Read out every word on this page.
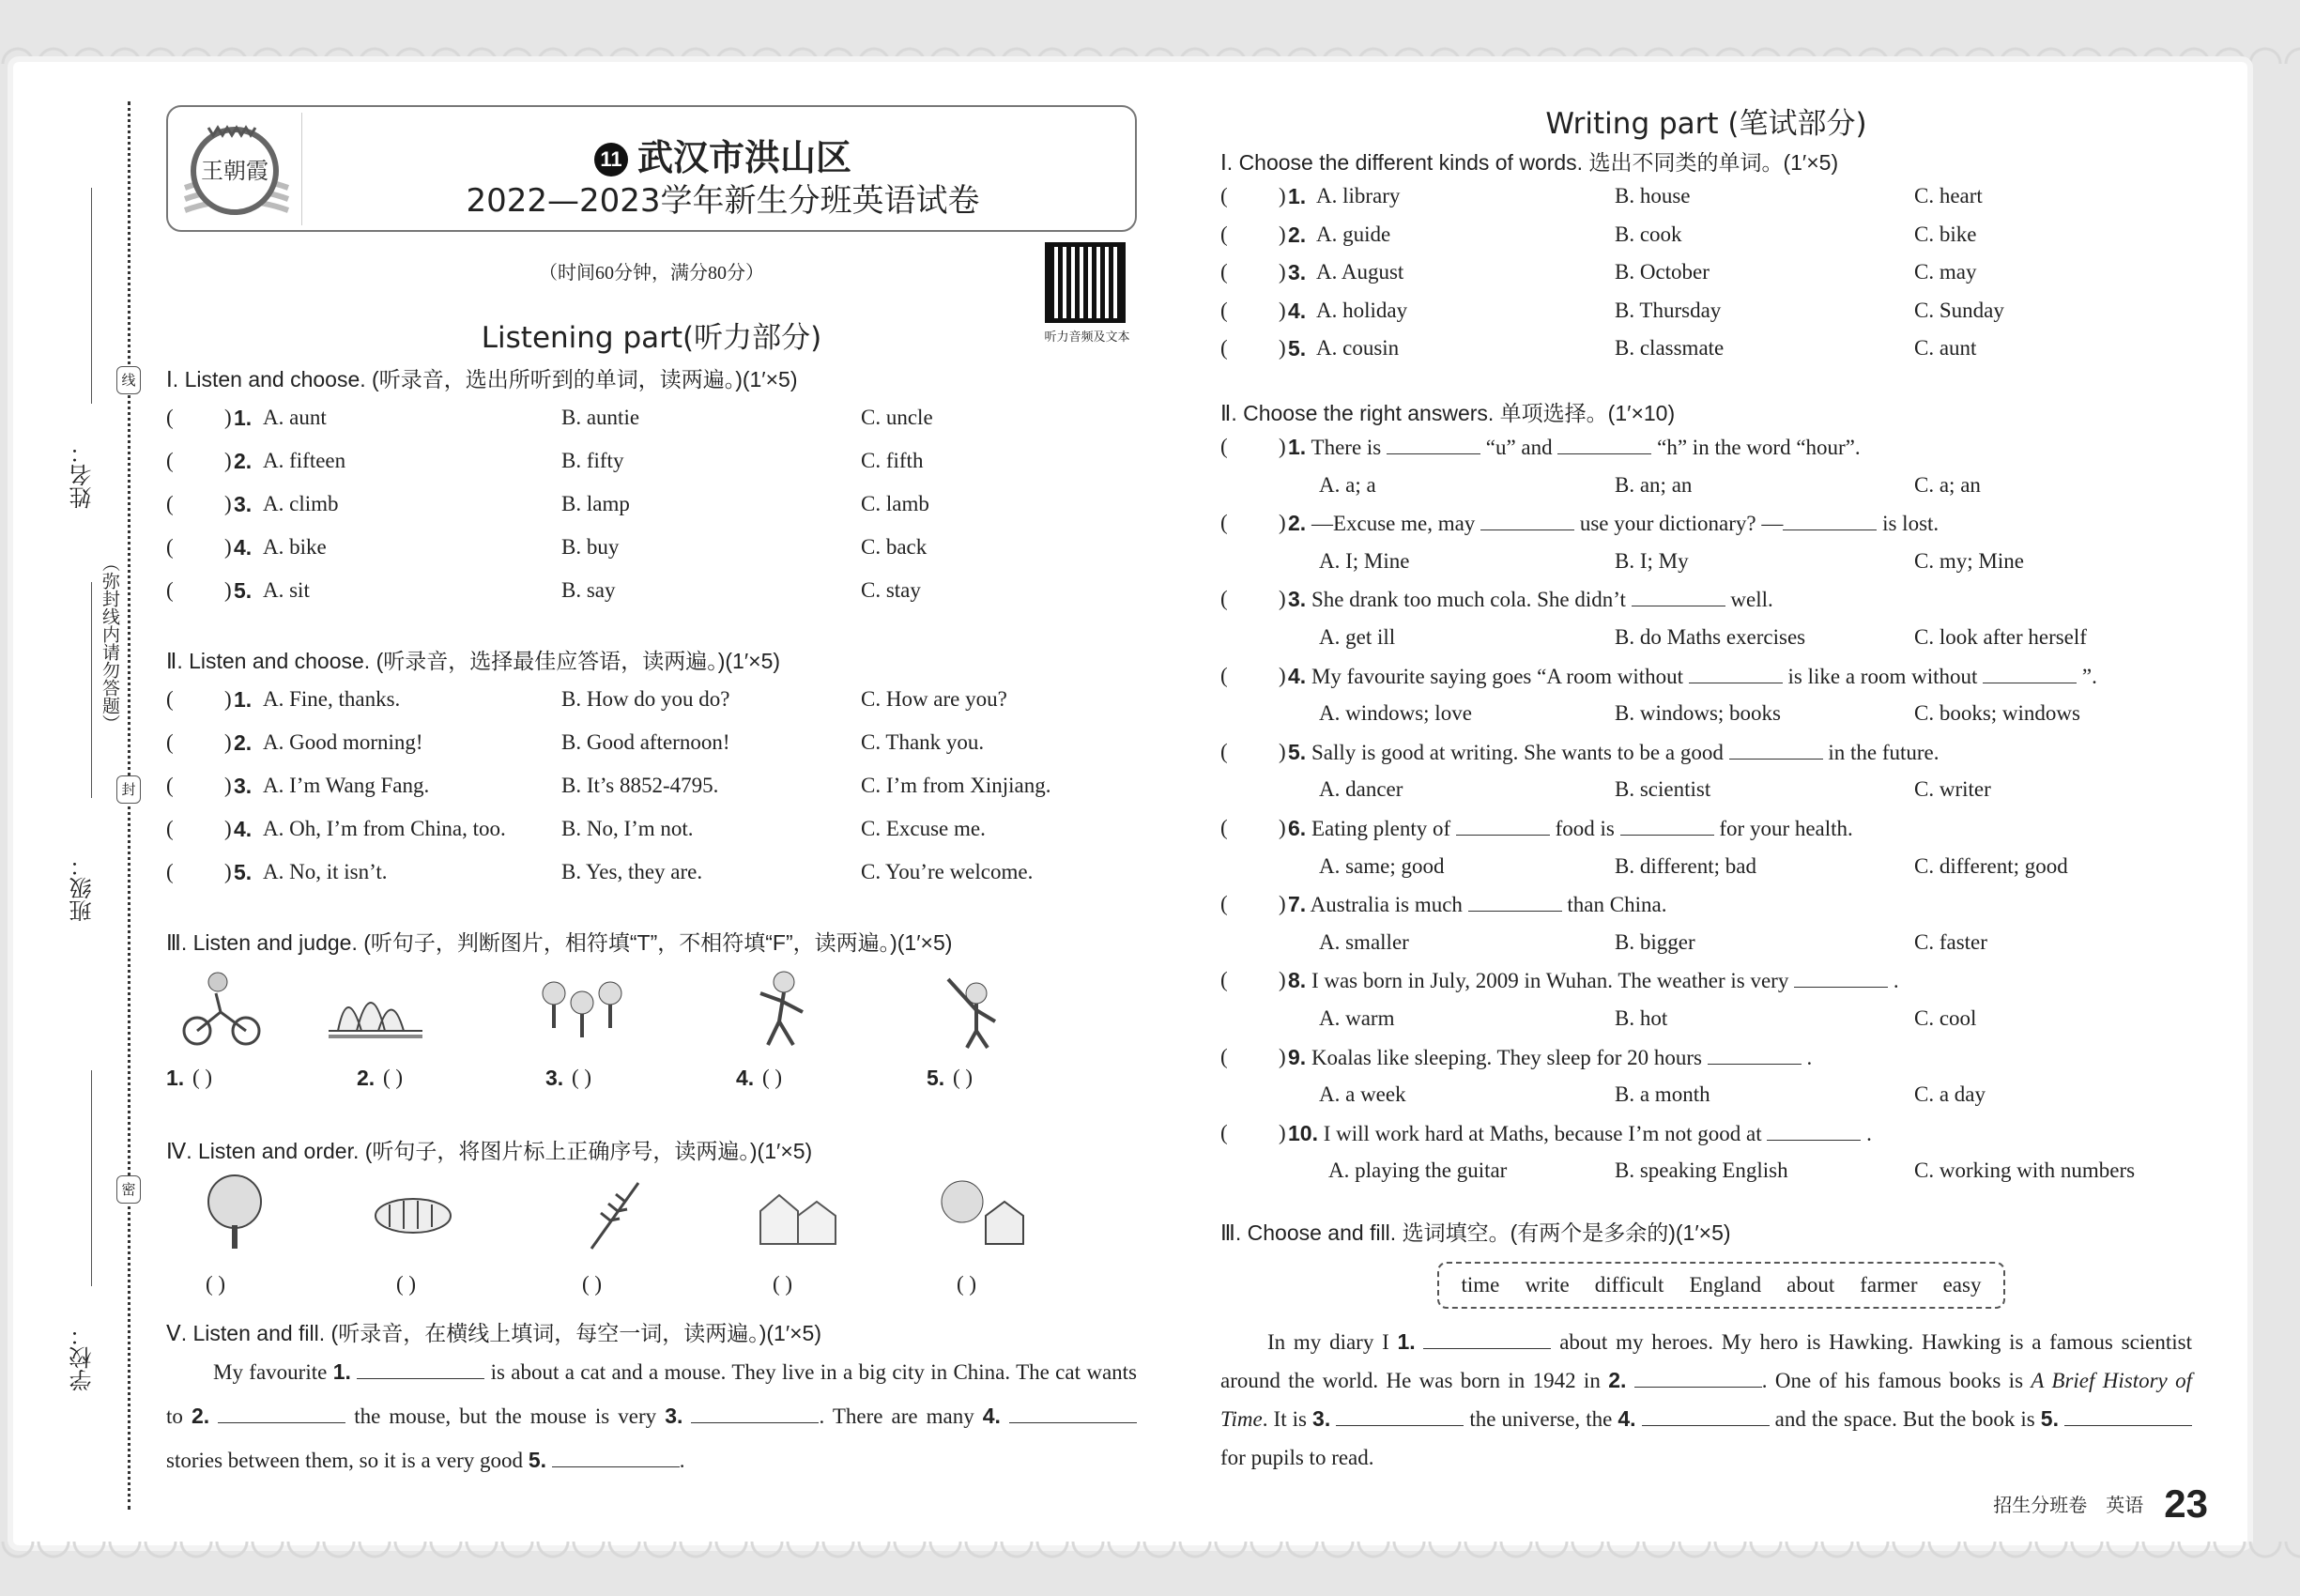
线
封
密
（弥封线内请勿答题）
姓名：
班级：
学校：
王朝霞	11 武汉市洪山区
2022—2023学年新生分班英语试卷
（时间60分钟，满分80分）
听力音频及文本
Listening part(听力部分)
Ⅰ. Listen and choose. (听录音，选出所听到的单词，读两遍。)(1′×5)
( ) 1. A. aunt	B. auntie	C. uncle
( ) 2. A. fifteen	B. fifty	C. fifth
( ) 3. A. climb	B. lamp	C. lamb
( ) 4. A. bike	B. buy	C. back
( ) 5. A. sit	B. say	C. stay
Ⅱ. Listen and choose. (听录音，选择最佳应答语，读两遍。)(1′×5)
( ) 1. A. Fine, thanks.	B. How do you do?	C. How are you?
( ) 2. A. Good morning!	B. Good afternoon!	C. Thank you.
( ) 3. A. I’m Wang Fang.	B. It’s 8852-4795.	C. I’m from Xinjiang.
( ) 4. A. Oh, I’m from China, too.	B. No, I’m not.	C. Excuse me.
( ) 5. A. No, it isn’t.	B. Yes, they are.	C. You’re welcome.
Ⅲ. Listen and judge. (听句子，判断图片，相符填“T”，不相符填“F”，读两遍。)(1′×5)
1. ( )	2. ( )	3. ( )	4. ( )	5. ( )
Ⅳ. Listen and order. (听句子，将图片标上正确序号，读两遍。)(1′×5)
( )	( )	( )	( )	( )
Ⅴ. Listen and fill. (听录音，在横线上填词，每空一词，读两遍。)(1′×5)
My favourite 1.	is about a cat and a mouse. They live in a big city in China. The cat wants to 2.	the mouse, but the mouse is very 3.	. There are many 4.  stories between them, so it is a very good 5.	.
Writing part (笔试部分)
Ⅰ. Choose the different kinds of words. 选出不同类的单词。(1′×5)
( ) 1. A. library	B. house	C. heart
( ) 2. A. guide	B. cook	C. bike
( ) 3. A. August	B. October	C. may
( ) 4. A. holiday	B. Thursday	C. Sunday
( ) 5. A. cousin	B. classmate	C. aunt
Ⅱ. Choose the right answers. 单项选择。(1′×10)
( ) 1. There is	“u” and	“h” in the word “hour”.
A. a; a	B. an; an	C. a; an
( ) 2. —Excuse me, may	use your dictionary? —	is lost.
A. I; Mine	B. I; My	C. my; Mine
( ) 3. She drank too much cola. She didn’t	well.
A. get ill	B. do Maths exercises	C. look after herself
( ) 4. My favourite saying goes “A room without	is like a room without	”.
A. windows; love	B. windows; books	C. books; windows
( ) 5. Sally is good at writing. She wants to be a good	in the future.
A. dancer	B. scientist	C. writer
( ) 6. Eating plenty of	food is	for your health.
A. same; good	B. different; bad	C. different; good
( ) 7. Australia is much	than China.
A. smaller	B. bigger	C. faster
( ) 8. I was born in July, 2009 in Wuhan. The weather is very	.
A. warm	B. hot	C. cool
( ) 9. Koalas like sleeping. They sleep for 20 hours	.
A. a week	B. a month	C. a day
( ) 10. I will work hard at Maths, because I’m not good at	.
A. playing the guitar	B. speaking English	C. working with numbers
Ⅲ. Choose and fill. 选词填空。(有两个是多余的)(1′×5)
time write difficult England about farmer easy
In my diary I 1.	about my heroes. My hero is Hawking. Hawking is a famous scientist around the world. He was born in 1942 in 2.	. One of his famous books is A Brief History of Time. It is 3.	the universe, the 4.	and the space. But the book is 5.  for pupils to read.
招生分班卷　英语 23
